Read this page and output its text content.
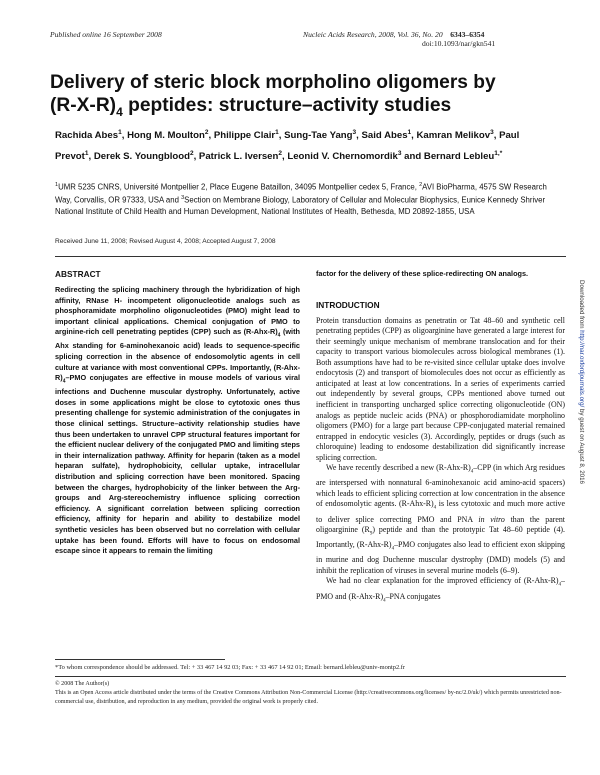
Published online 16 September 2008	Nucleic Acids Research, 2008, Vol. 36, No. 20 6343–6354
doi:10.1093/nar/gkn541
Delivery of steric block morpholino oligomers by
$(R-X-R)_4$ peptides: structure–activity studies
Rachida Abes$^1$, Hong M. Moulton$^2$, Philippe Clair$^1$, Sung-Tae Yang$^3$, Said Abes$^1$, Kamran Melikov$^3$, Paul Prevot$^1$, Derek S. Youngblood$^2$, Patrick L. Iversen$^2$, Leonid V. Chernomordik$^3$ and Bernard Lebleu$^{1,*}$
$^1$UMR 5235 CNRS, Université Montpellier 2, Place Eugene Bataillon, 34095 Montpellier cedex 5, France, $^2$AVI BioPharma, 4575 SW Research Way, Corvallis, OR 97333, USA and $^3$Section on Membrane Biology, Laboratory of Cellular and Molecular Biophysics, Eunice Kennedy Shriver National Institute of Child Health and Human Development, National Institutes of Health, Bethesda, MD 20892-1855, USA
Received June 11, 2008; Revised August 4, 2008; Accepted August 7, 2008
ABSTRACT

Redirecting the splicing machinery through the hybridization of high affinity, RNase H- incompetent oligonucleotide analogs such as phosphoramidate morpholino oligonucleotides (PMO) might lead to important clinical applications. Chemical conjugation of PMO to arginine-rich cell penetrating peptides (CPP) such as $(R-Ahx-R)_4$ (with Ahx standing for 6-aminohexanoic acid) leads to sequence-specific splicing correction in the absence of endosomolytic agents in cell culture at variance with most conventional CPPs. Importantly, $(R-Ahx-R)_4$–PMO conjugates are effective in mouse models of various viral infections and Duchenne muscular dystrophy. Unfortunately, active doses in some applications might be close to cytotoxic ones thus presenting challenge for systemic administration of the conjugates in those clinical settings. Structure–activity relationship studies have thus been undertaken to unravel CPP structural features important for the efficient nuclear delivery of the conjugated PMO and limiting steps in their internalization pathway. Affinity for heparin (taken as a model heparan sulfate), hydrophobicity, cellular uptake, intracellular distribution and splicing correction have been monitored. Spacing between the charges, hydrophobicity of the linker between the Arg-groups and Arg-stereochemistry influence splicing correction efficiency. A significant correlation between splicing correction efficiency, affinity for heparin and ability to destabilize model synthetic vesicles has been observed but no correlation with cellular uptake has been found. Efforts will have to focus on endosomal escape since it appears to remain the limiting

factor for the delivery of these splice-redirecting ON analogs.

INTRODUCTION

Protein transduction domains as penetratin or Tat 48–60 and synthetic cell penetrating peptides (CPP) as oligoarginine have generated a large interest for their seemingly unique mechanism of membrane translocation and for their capacity to transport various biomolecules across biological membranes (1). Both assumptions have had to be re-visited since cellular uptake does involve endocytosis (2) and transport of biomolecules does not occur as efficiently as anticipated at least at low concentrations. In a series of experiments carried out independently by several groups, CPPs mentioned above turned out inefficient in transporting uncharged splice correcting oligonucleotide (ON) analogs as peptide nucleic acids (PNA) or phosphorodiamidate morpholino oligomers (PMO) for a large part because CPP-conjugated material remained entrapped in endocytic vesicles (3). Accordingly, peptides or drugs (such as chloroquine) leading to endosome destabilization did significantly increase splicing correction.

We have recently described a new $(R-Ahx-R)_4$–CPP (in which Arg residues are interspersed with nonnatural 6-aminohexanoic acid amino-acid spacers) which leads to efficient splicing correction at low concentration in the absence of endosomolytic agents. $(R-Ahx-R)_4$ is less cytotoxic and much more active to deliver splice correcting PMO and PNA in vitro than the parent oligoarginine $(R_9)$ peptide and than the prototypic Tat 48–60 peptide (4). Importantly, $(R-Ahx-R)_4$–PMO conjugates also lead to efficient exon skipping in murine and dog Duchenne muscular dystrophy (DMD) models (5) and inhibit the replication of viruses in several murine models (6–9).

We had no clear explanation for the improved efficiency of $(R-Ahx-R)_4$–PMO and $(R-Ahx-R)_4$–PNA conjugates

*To whom correspondence should be addressed. Tel: + 33 467 14 92 03; Fax: + 33 467 14 92 01; Email: bernard.lebleu@univ-montp2.fr
© 2008 The Author(s)
This is an Open Access article distributed under the terms of the Creative Commons Attribution Non-Commercial License (http://creativecommons.org/licenses/ by-nc/2.0/uk/) which permits unrestricted non-commercial use, distribution, and reproduction in any medium, provided the original work is properly cited.
Downloaded from http://nar.oxfordjournals.org/ by guest on August 8, 2016
